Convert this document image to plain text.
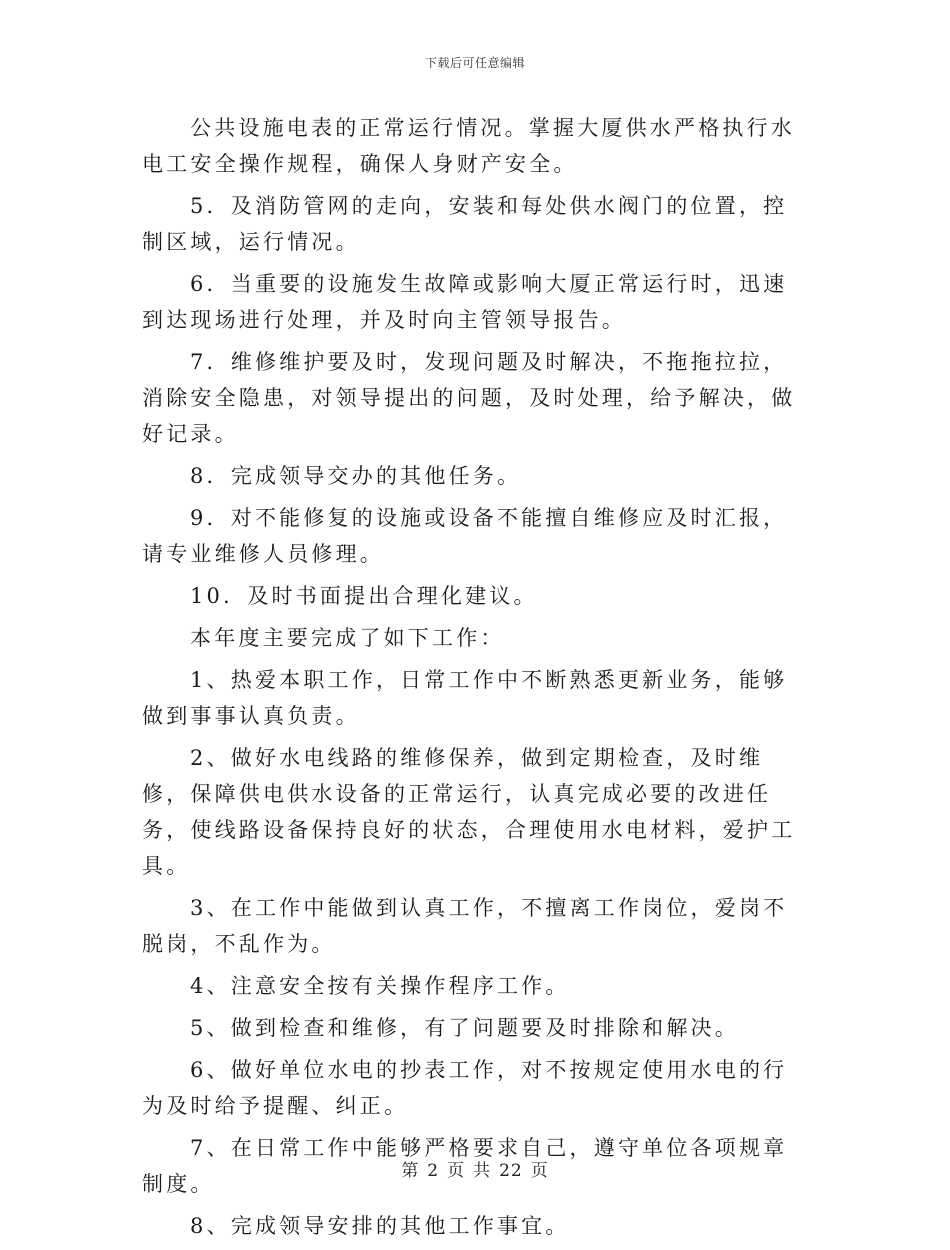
下载后可任意编辑

公共设施电表的正常运行情况。掌握大厦供水严格执行水电工安全操作规程，确保人身财产安全。

5．及消防管网的走向，安装和每处供水阀门的位置，控制区域，运行情况。

6．当重要的设施发生故障或影响大厦正常运行时，迅速到达现场进行处理，并及时向主管领导报告。

7．维修维护要及时，发现问题及时解决，不拖拖拉拉，消除安全隐患，对领导提出的问题，及时处理，给予解决，做好记录。

8．完成领导交办的其他任务。

9．对不能修复的设施或设备不能擅自维修应及时汇报，请专业维修人员修理。

10．及时书面提出合理化建议。

本年度主要完成了如下工作：

1、热爱本职工作，日常工作中不断熟悉更新业务，能够做到事事认真负责。

2、做好水电线路的维修保养，做到定期检查，及时维修，保障供电供水设备的正常运行，认真完成必要的改进任务，使线路设备保持良好的状态，合理使用水电材料，爱护工具。

3、在工作中能做到认真工作，不擅离工作岗位，爱岗不脱岗，不乱作为。

4、注意安全按有关操作程序工作。

5、做到检查和维修，有了问题要及时排除和解决。

6、做好单位水电的抄表工作，对不按规定使用水电的行为及时给予提醒、纠正。

7、在日常工作中能够严格要求自己，遵守单位各项规章制度。

8、完成领导安排的其他工作事宜。

第 2 页 共 22 页
